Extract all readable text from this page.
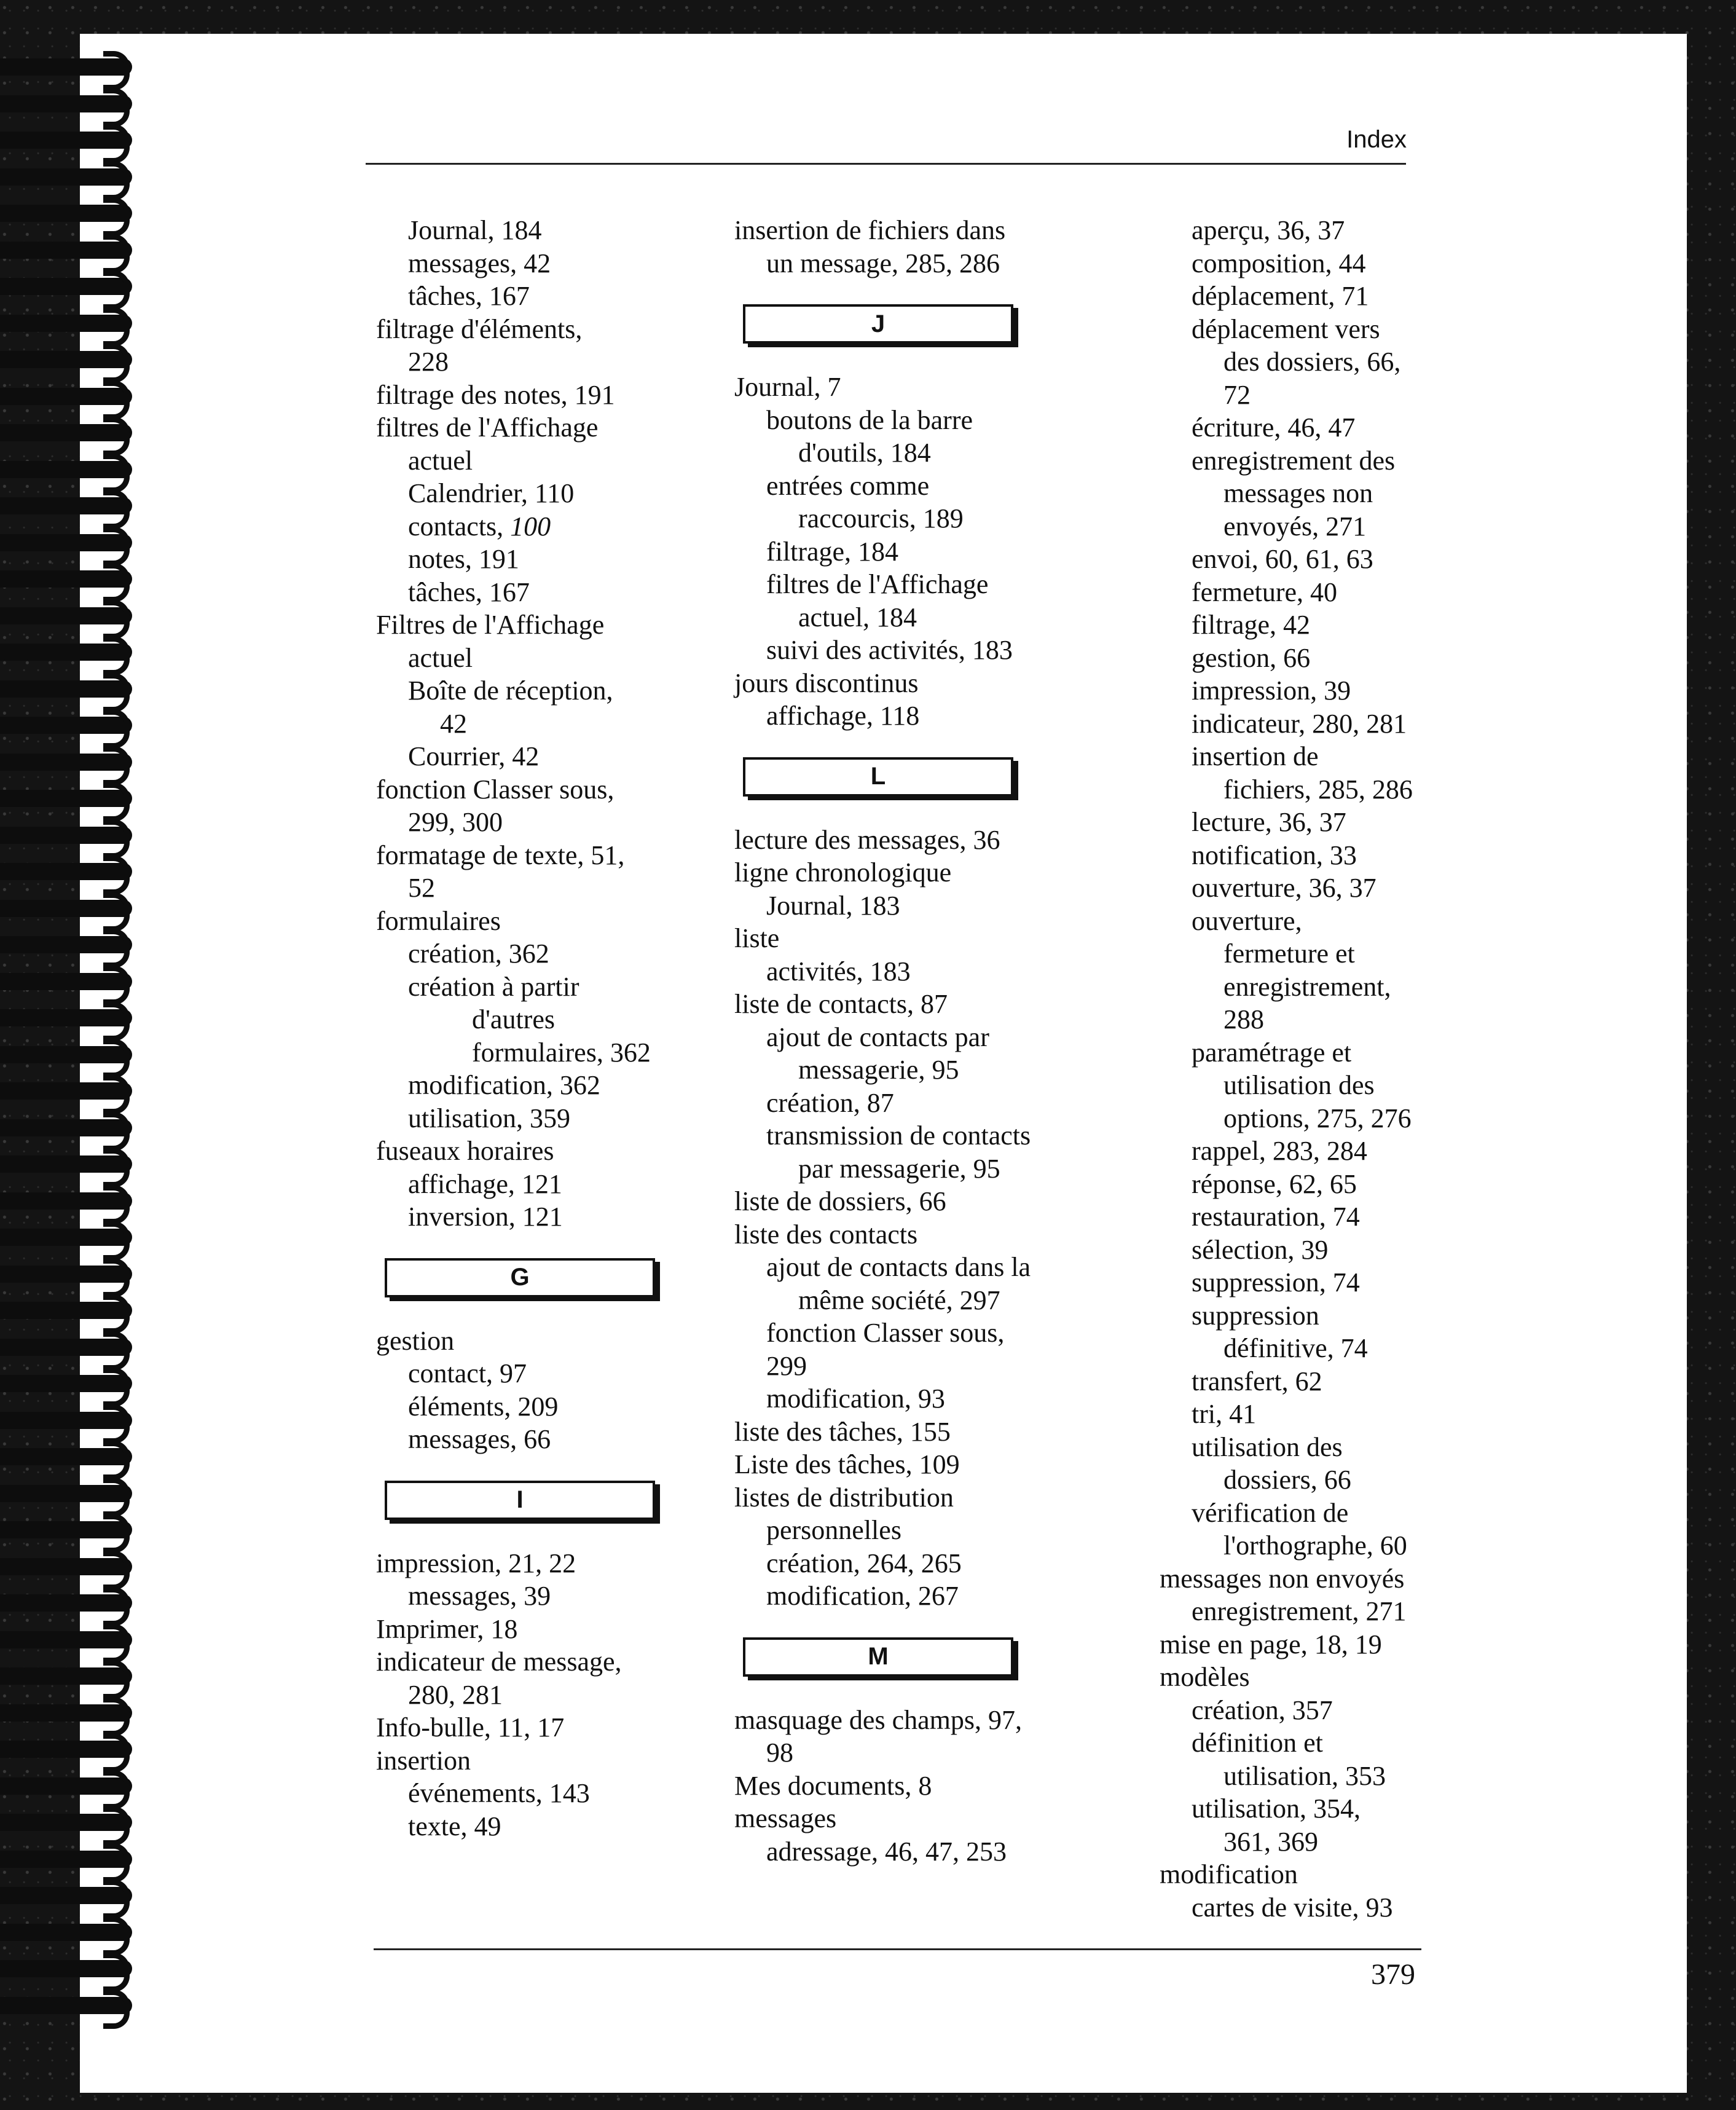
Index
Journal, 184
messages, 42
tâches, 167
filtrage d'éléments,
228
filtrage des notes, 191
filtres de l'Affichage
actuel
Calendrier, 110
contacts, 100
notes, 191
tâches, 167
Filtres de l'Affichage
actuel
Boîte de réception,
42
Courrier, 42
fonction Classer sous,
299, 300
formatage de texte, 51,
52
formulaires
création, 362
création à partir
d'autres
formulaires, 362
modification, 362
utilisation, 359
fuseaux horaires
affichage, 121
inversion, 121
G
gestion
contact, 97
éléments, 209
messages, 66
I
impression, 21, 22
messages, 39
Imprimer, 18
indicateur de message,
280, 281
Info-bulle, 11, 17
insertion
événements, 143
texte, 49
insertion de fichiers dans
un message, 285, 286
J
Journal, 7
boutons de la barre
d'outils, 184
entrées comme
raccourcis, 189
filtrage, 184
filtres de l'Affichage
actuel, 184
suivi des activités, 183
jours discontinus
affichage, 118
L
lecture des messages, 36
ligne chronologique
Journal, 183
liste
activités, 183
liste de contacts, 87
ajout de contacts par
messagerie, 95
création, 87
transmission de contacts
par messagerie, 95
liste de dossiers, 66
liste des contacts
ajout de contacts dans la
même société, 297
fonction Classer sous,
299
modification, 93
liste des tâches, 155
Liste des tâches, 109
listes de distribution
personnelles
création, 264, 265
modification, 267
M
masquage des champs, 97,
98
Mes documents, 8
messages
adressage, 46, 47, 253
aperçu, 36, 37
composition, 44
déplacement, 71
déplacement vers
des dossiers, 66,
72
écriture, 46, 47
enregistrement des
messages non
envoyés, 271
envoi, 60, 61, 63
fermeture, 40
filtrage, 42
gestion, 66
impression, 39
indicateur, 280, 281
insertion de
fichiers, 285, 286
lecture, 36, 37
notification, 33
ouverture, 36, 37
ouverture,
fermeture et
enregistrement,
288
paramétrage et
utilisation des
options, 275, 276
rappel, 283, 284
réponse, 62, 65
restauration, 74
sélection, 39
suppression, 74
suppression
définitive, 74
transfert, 62
tri, 41
utilisation des
dossiers, 66
vérification de
l'orthographe, 60
messages non envoyés
enregistrement, 271
mise en page, 18, 19
modèles
création, 357
définition et
utilisation, 353
utilisation, 354,
361, 369
modification
cartes de visite, 93
379
